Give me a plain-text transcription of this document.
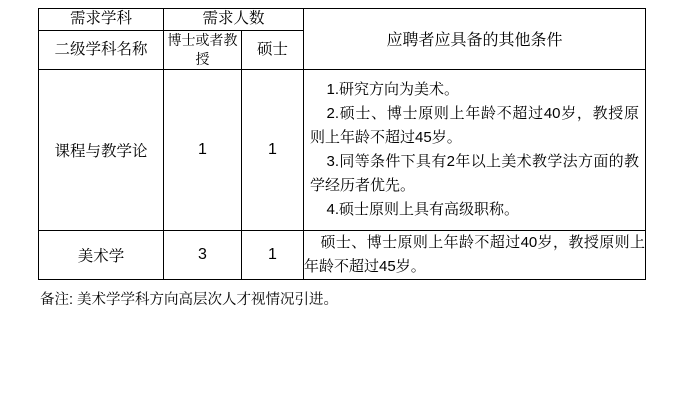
需求学科	需求人数		应聘者应具备的其他条件
二级学科名称	博士或者教授	硕士	
课程与教学论	1	1	1.研究方向为美术。

2.硕士、博士原则上年龄不超过40岁，教授原则上年龄不超过45岁。

3.同等条件下具有2年以上美术教学法方面的教学经历者优先。

4.硕士原则上具有高级职称。

美术学	3	1	硕士、博士原则上年龄不超过40岁，教授原则上年龄不超过45岁。

备注: 美术学学科方向高层次人才视情况引进。
